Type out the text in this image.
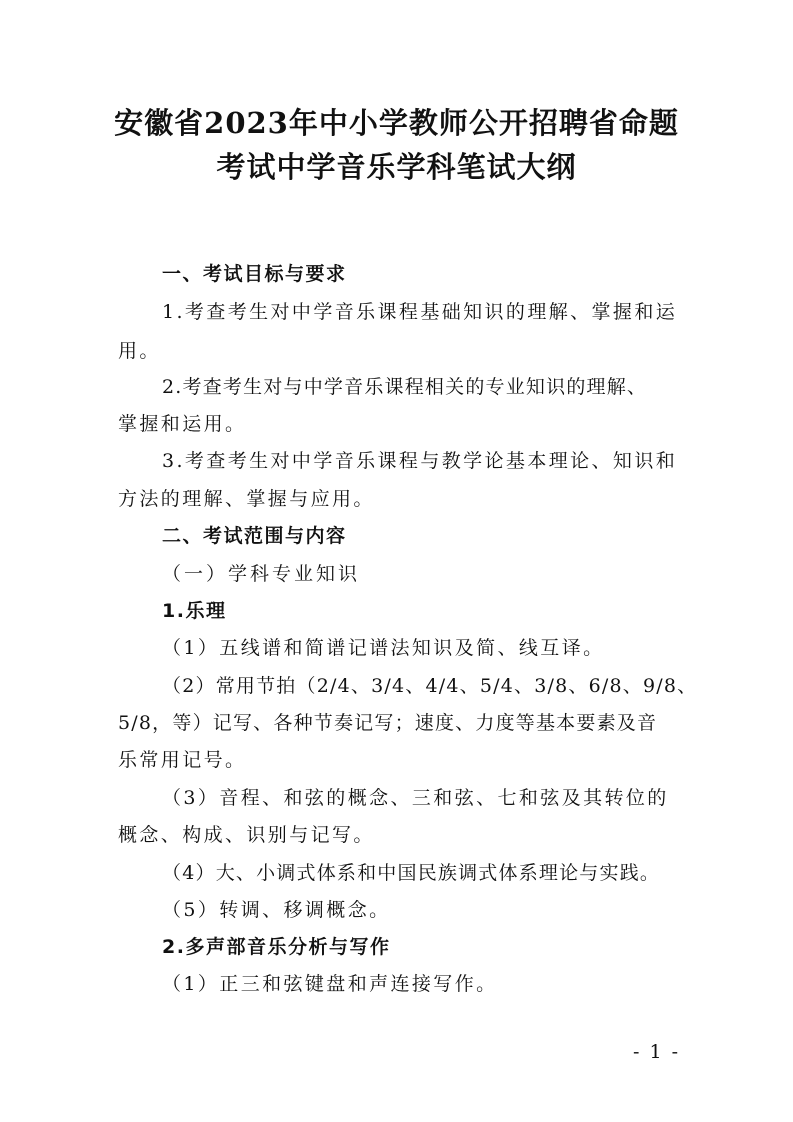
安徽省2023年中小学教师公开招聘省命题
考试中学音乐学科笔试大纲
一、考试目标与要求
1.考查考生对中学音乐课程基础知识的理解、掌握和运
用。
2.考查考生对与中学音乐课程相关的专业知识的理解、
掌握和运用。
3.考查考生对中学音乐课程与教学论基本理论、知识和
方法的理解、掌握与应用。
二、考试范围与内容
（一）学科专业知识
1.乐理
（1）五线谱和简谱记谱法知识及简、线互译。
（2）常用节拍（2/4、3/4、4/4、5/4、3/8、6/8、9/8、
5/8，等）记写、各种节奏记写；速度、力度等基本要素及音
乐常用记号。
（3）音程、和弦的概念、三和弦、七和弦及其转位的
概念、构成、识别与记写。
（4）大、小调式体系和中国民族调式体系理论与实践。
（5）转调、移调概念。
2.多声部音乐分析与写作
（1）正三和弦键盘和声连接写作。
- 1 -
